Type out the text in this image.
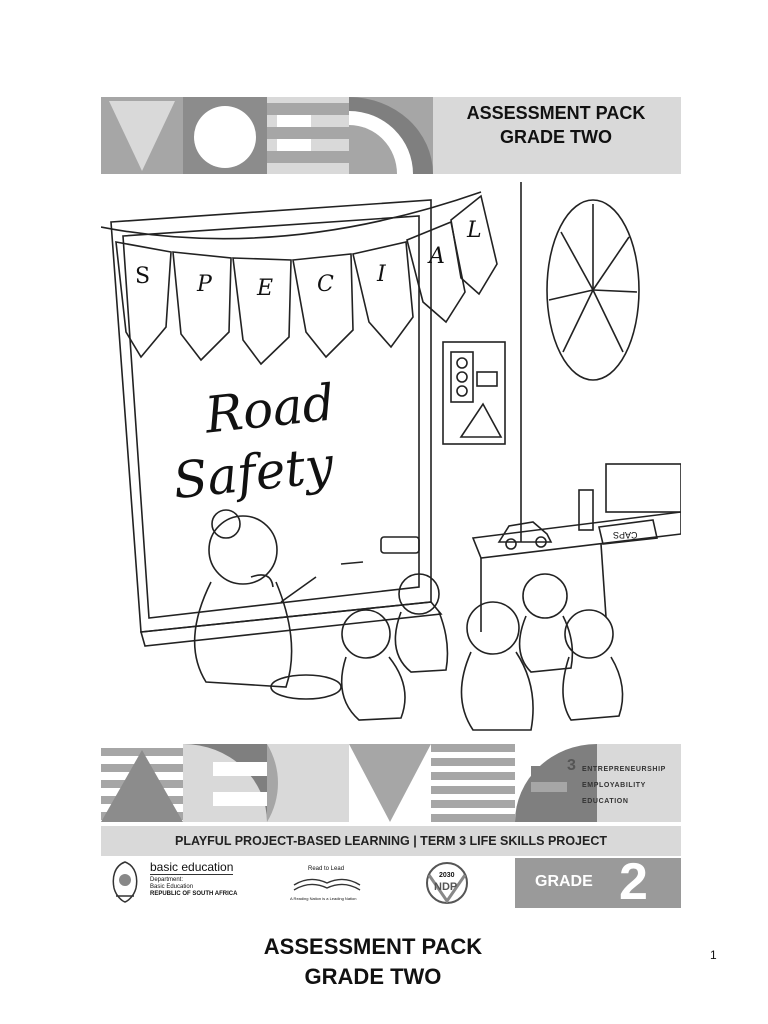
ASSESSMENT PACK
GRADE TWO
S P E C I
A
L
Road
Safety
CAPS
3 ENTREPRENEURSHIP
EMPLOYABILITY
EDUCATION
PLAYFUL PROJECT-BASED LEARNING | TERM 3 LIFE SKILLS PROJECT
basic education
Department:
Basic Education
REPUBLIC OF SOUTH AFRICA
Read to Lead
A Reading Nation is a Leading Nation
2030
NDP	GRADE 2
ASSESSMENT PACK
GRADE TWO
1
